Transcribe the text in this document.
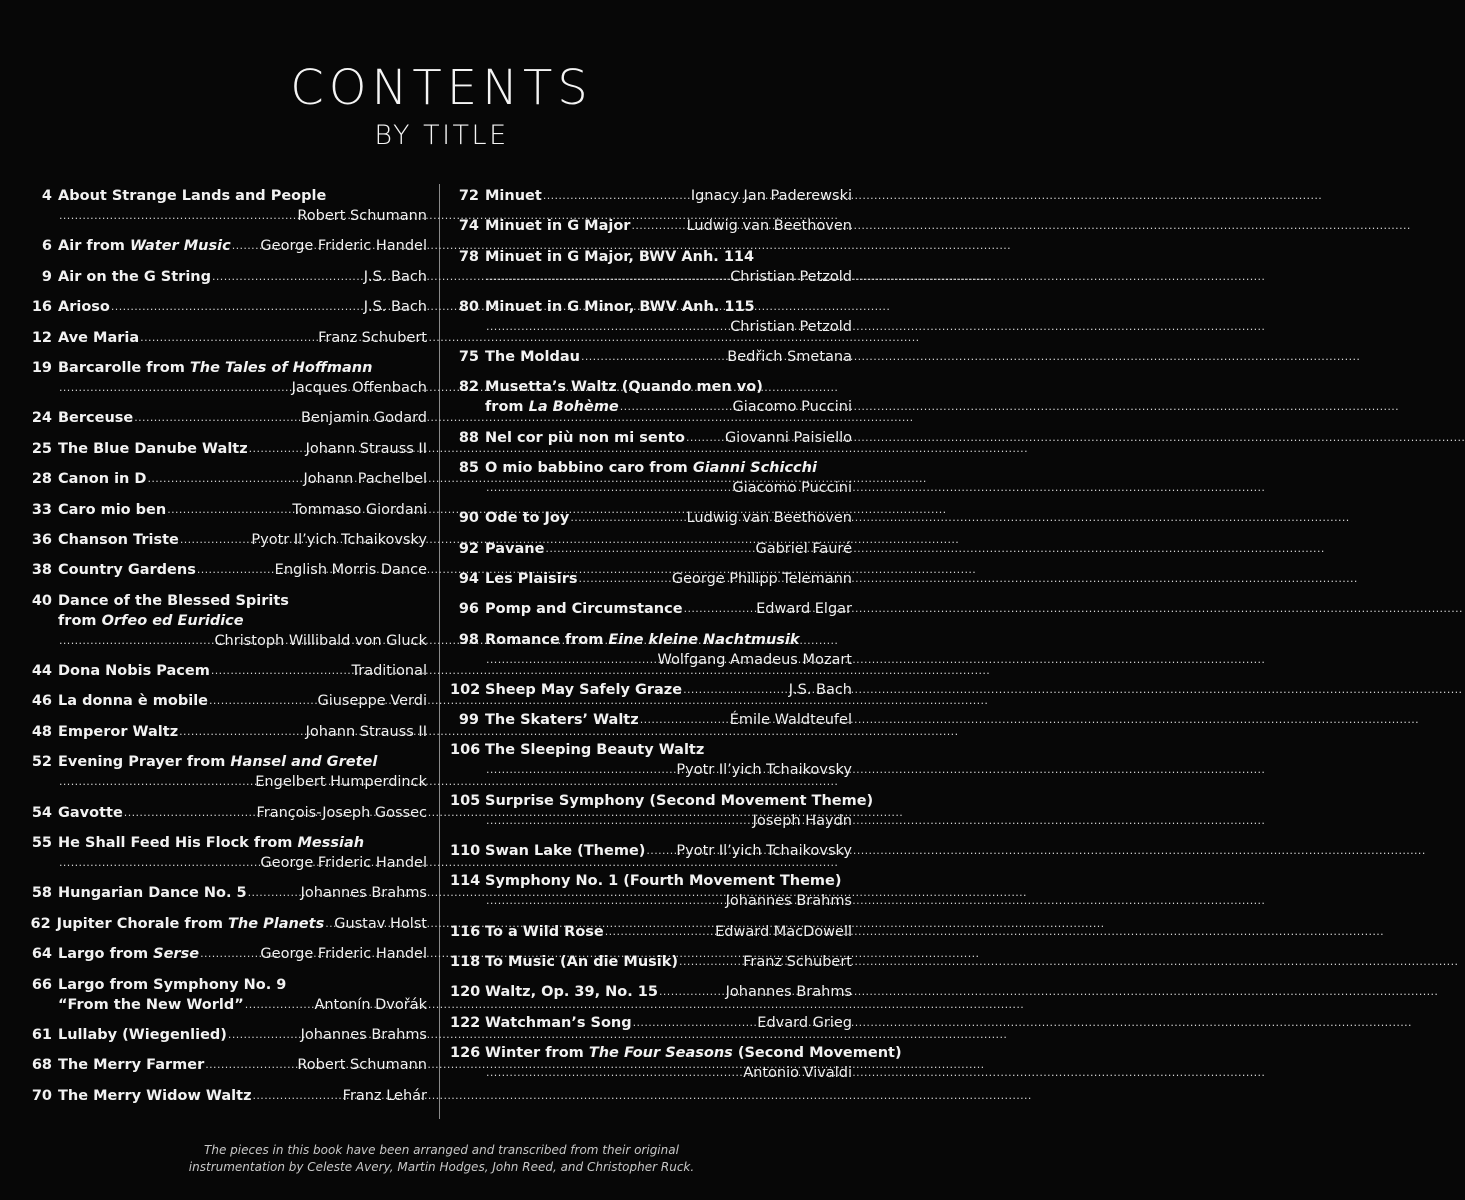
CONTENTS
BY TITLE
4 About Strange Lands and People
.....
Robert Schumann
6 Air from Water Music ..... George Frideric Handel
9 Air on the G String .....	J.S. Bach
16 Arioso .....	J.S. Bach
12 Ave Maria .....	Franz Schubert
19 Barcarolle from The Tales of Hoffmann
.....
Jacques Offenbach
24 Berceuse .....	Benjamin Godard
25 The Blue Danube Waltz .....	Johann Strauss II
28 Canon in D .....	Johann Pachelbel
33 Caro mio ben .....	Tommaso Giordani
36 Chanson Triste .....	Pyotr Il’yich Tchaikovsky
38 Country Gardens .....	English Morris Dance
40 Dance of the Blessed Spirits
from Orfeo ed Euridice
.....
Christoph Willibald von Gluck
44 Dona Nobis Pacem .....	Traditional
46 La donna è mobile .....	Giuseppe Verdi
48 Emperor Waltz .....	Johann Strauss II
52 Evening Prayer from Hansel and Gretel
.....
Engelbert Humperdinck
54 Gavotte .....	François-Joseph Gossec
55 He Shall Feed His Flock from Messiah
.....
George Frideric Handel
58 Hungarian Dance No. 5 .....	Johannes Brahms
62 Jupiter Chorale from The Planets ..... Gustav Holst
64 Largo from Serse .....	George Frideric Handel
66 Largo from Symphony No. 9
“From the New World” .....	Antonín Dvořák
61 Lullaby (Wiegenlied) .....	Johannes Brahms
68 The Merry Farmer .....	Robert Schumann
70 The Merry Widow Waltz .....	Franz Lehár
72 Minuet .....	Ignacy Jan Paderewski
74 Minuet in G Major .....	Ludwig van Beethoven
78 Minuet in G Major, BWV Anh. 114
.....
Christian Petzold
80 Minuet in G Minor, BWV Anh. 115
.....
Christian Petzold
75 The Moldau .....	Bedřich Smetana
82 Musetta’s Waltz (Quando men vo)
from La Bohème .....	Giacomo Puccini
88 Nel cor più non mi sento .....	Giovanni Paisiello
85 O mio babbino caro from Gianni Schicchi
.....
Giacomo Puccini
90 Ode to Joy .....	Ludwig van Beethoven
92 Pavane .....	Gabriel Fauré
94 Les Plaisirs .....	George Philipp Telemann
96 Pomp and Circumstance .....	Edward Elgar
98 Romance from Eine kleine Nachtmusik
.....
Wolfgang Amadeus Mozart
102 Sheep May Safely Graze .....	J.S. Bach
99 The Skaters’ Waltz .....	Émile Waldteufel
106 The Sleeping Beauty Waltz
.....
Pyotr Il’yich Tchaikovsky
105 Surprise Symphony (Second Movement Theme)
.....
Joseph Haydn
110 Swan Lake (Theme) ..... Pyotr Il’yich Tchaikovsky
114 Symphony No. 1 (Fourth Movement Theme)
.....
Johannes Brahms
116 To a Wild Rose .....	Edward MacDowell
118 To Music (An die Musik) .....	Franz Schubert
120 Waltz, Op. 39, No. 15 .....	Johannes Brahms
122 Watchman’s Song .....	Edvard Grieg
126 Winter from The Four Seasons (Second Movement)
.....
Antonio Vivaldi
The pieces in this book have been arranged and transcribed from their original
instrumentation by Celeste Avery, Martin Hodges, John Reed, and Christopher Ruck.
